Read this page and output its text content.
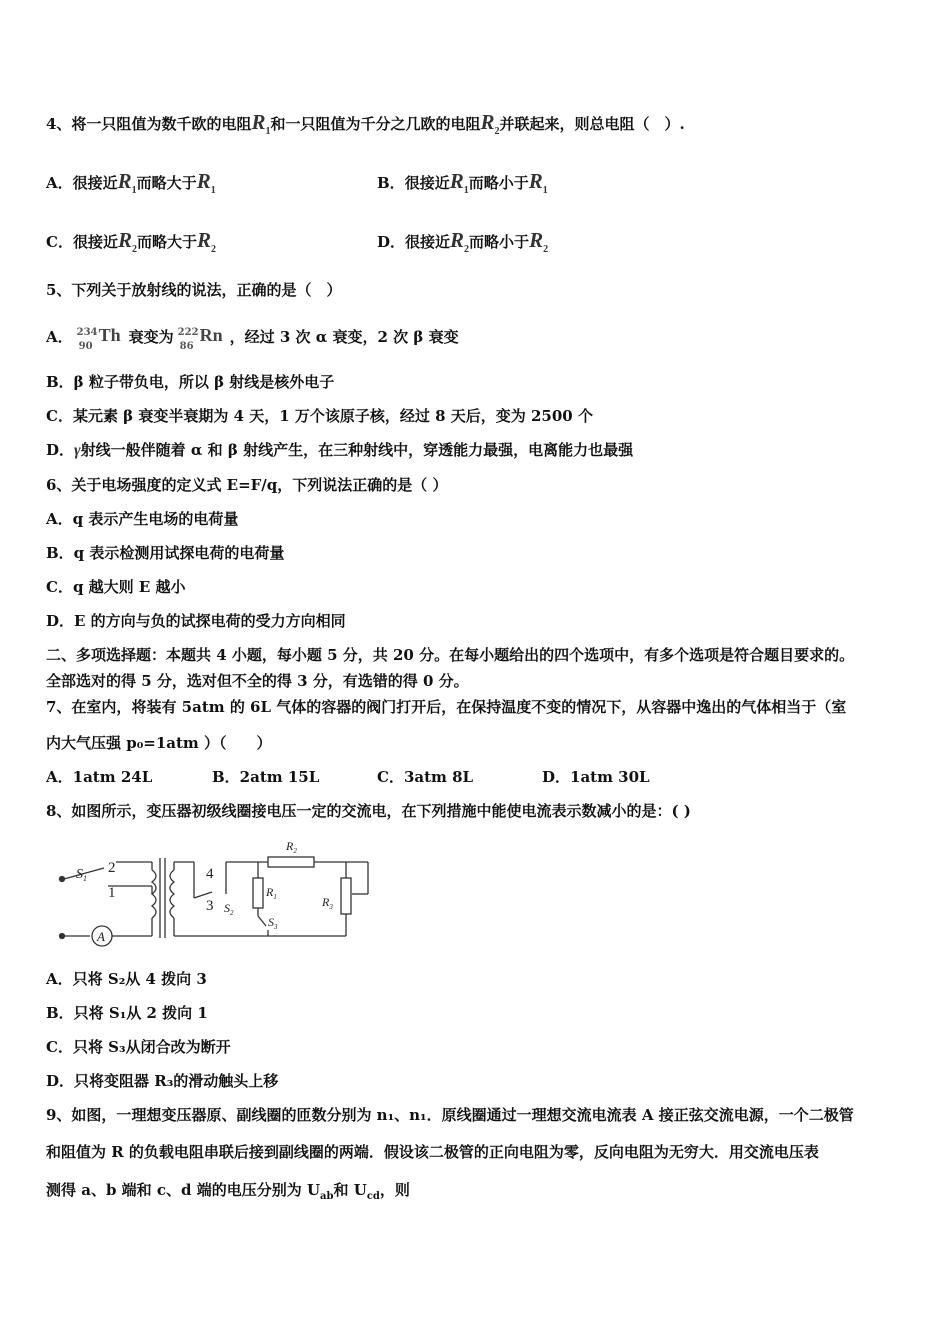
4、将一只阻值为数千欧的电阻$R_1$和一只阻值为千分之几欧的电阻$R_2$并联起来，则总电阻（　）.
A．很接近$R_1$而略大于$R_1$	B．很接近$R_1$而略小于$R_1$
C．很接近$R_2$而略大于$R_2$	D．很接近$R_2$而略小于$R_2$
5、下列关于放射线的说法，正确的是（　）
A． 234
90
Th 衰变为 222
86
Rn ，经过 3 次 α 衰变，2 次 β 衰变
B．β 粒子带负电，所以 β 射线是核外电子
C．某元素 β 衰变半衰期为 4 天，1 万个该原子核，经过 8 天后，变为 2500 个
D．γ射线一般伴随着 α 和 β 射线产生，在三种射线中，穿透能力最强，电离能力也最强
6、关于电场强度的定义式 E=F/q，下列说法正确的是（ ）
A．q 表示产生电场的电荷量
B．q 表示检测用试探电荷的电荷量
C．q 越大则 E 越小
D．E 的方向与负的试探电荷的受力方向相同
二、多项选择题：本题共 4 小题，每小题 5 分，共 20 分。在每小题给出的四个选项中，有多个选项是符合题目要求的。
全部选对的得 5 分，选对但不全的得 3 分，有选错的得 0 分。
7、在室内，将装有 5atm 的 6L 气体的容器的阀门打开后，在保持温度不变的情况下，从容器中逸出的气体相当于（室
内大气压强 p₀=1atm ）（　　）
A．1atm 24L	B．2atm 15L	C．3atm 8L	D．1atm 30L
8、如图所示，变压器初级线圈接电压一定的交流电，在下列措施中能使电流表示数减小的是：( )
$S_1$
2
1
4
3 $S_2$
$R_1$
$S_3$
$R_2$
$R_3$
A
A．只将 S₂从 4 拨向 3
B．只将 S₁从 2 拨向 1
C．只将 S₃从闭合改为断开
D．只将变阻器 R₃的滑动触头上移
9、如图，一理想变压器原、副线圈的匝数分别为 n₁、n₁．原线圈通过一理想交流电流表 A 接正弦交流电源，一个二极管
和阻值为 R 的负载电阻串联后接到副线圈的两端．假设该二极管的正向电阻为零，反向电阻为无穷大．用交流电压表
测得 a、b 端和 c、d 端的电压分别为 $U_{ab}$和 $U_{cd}$，则
